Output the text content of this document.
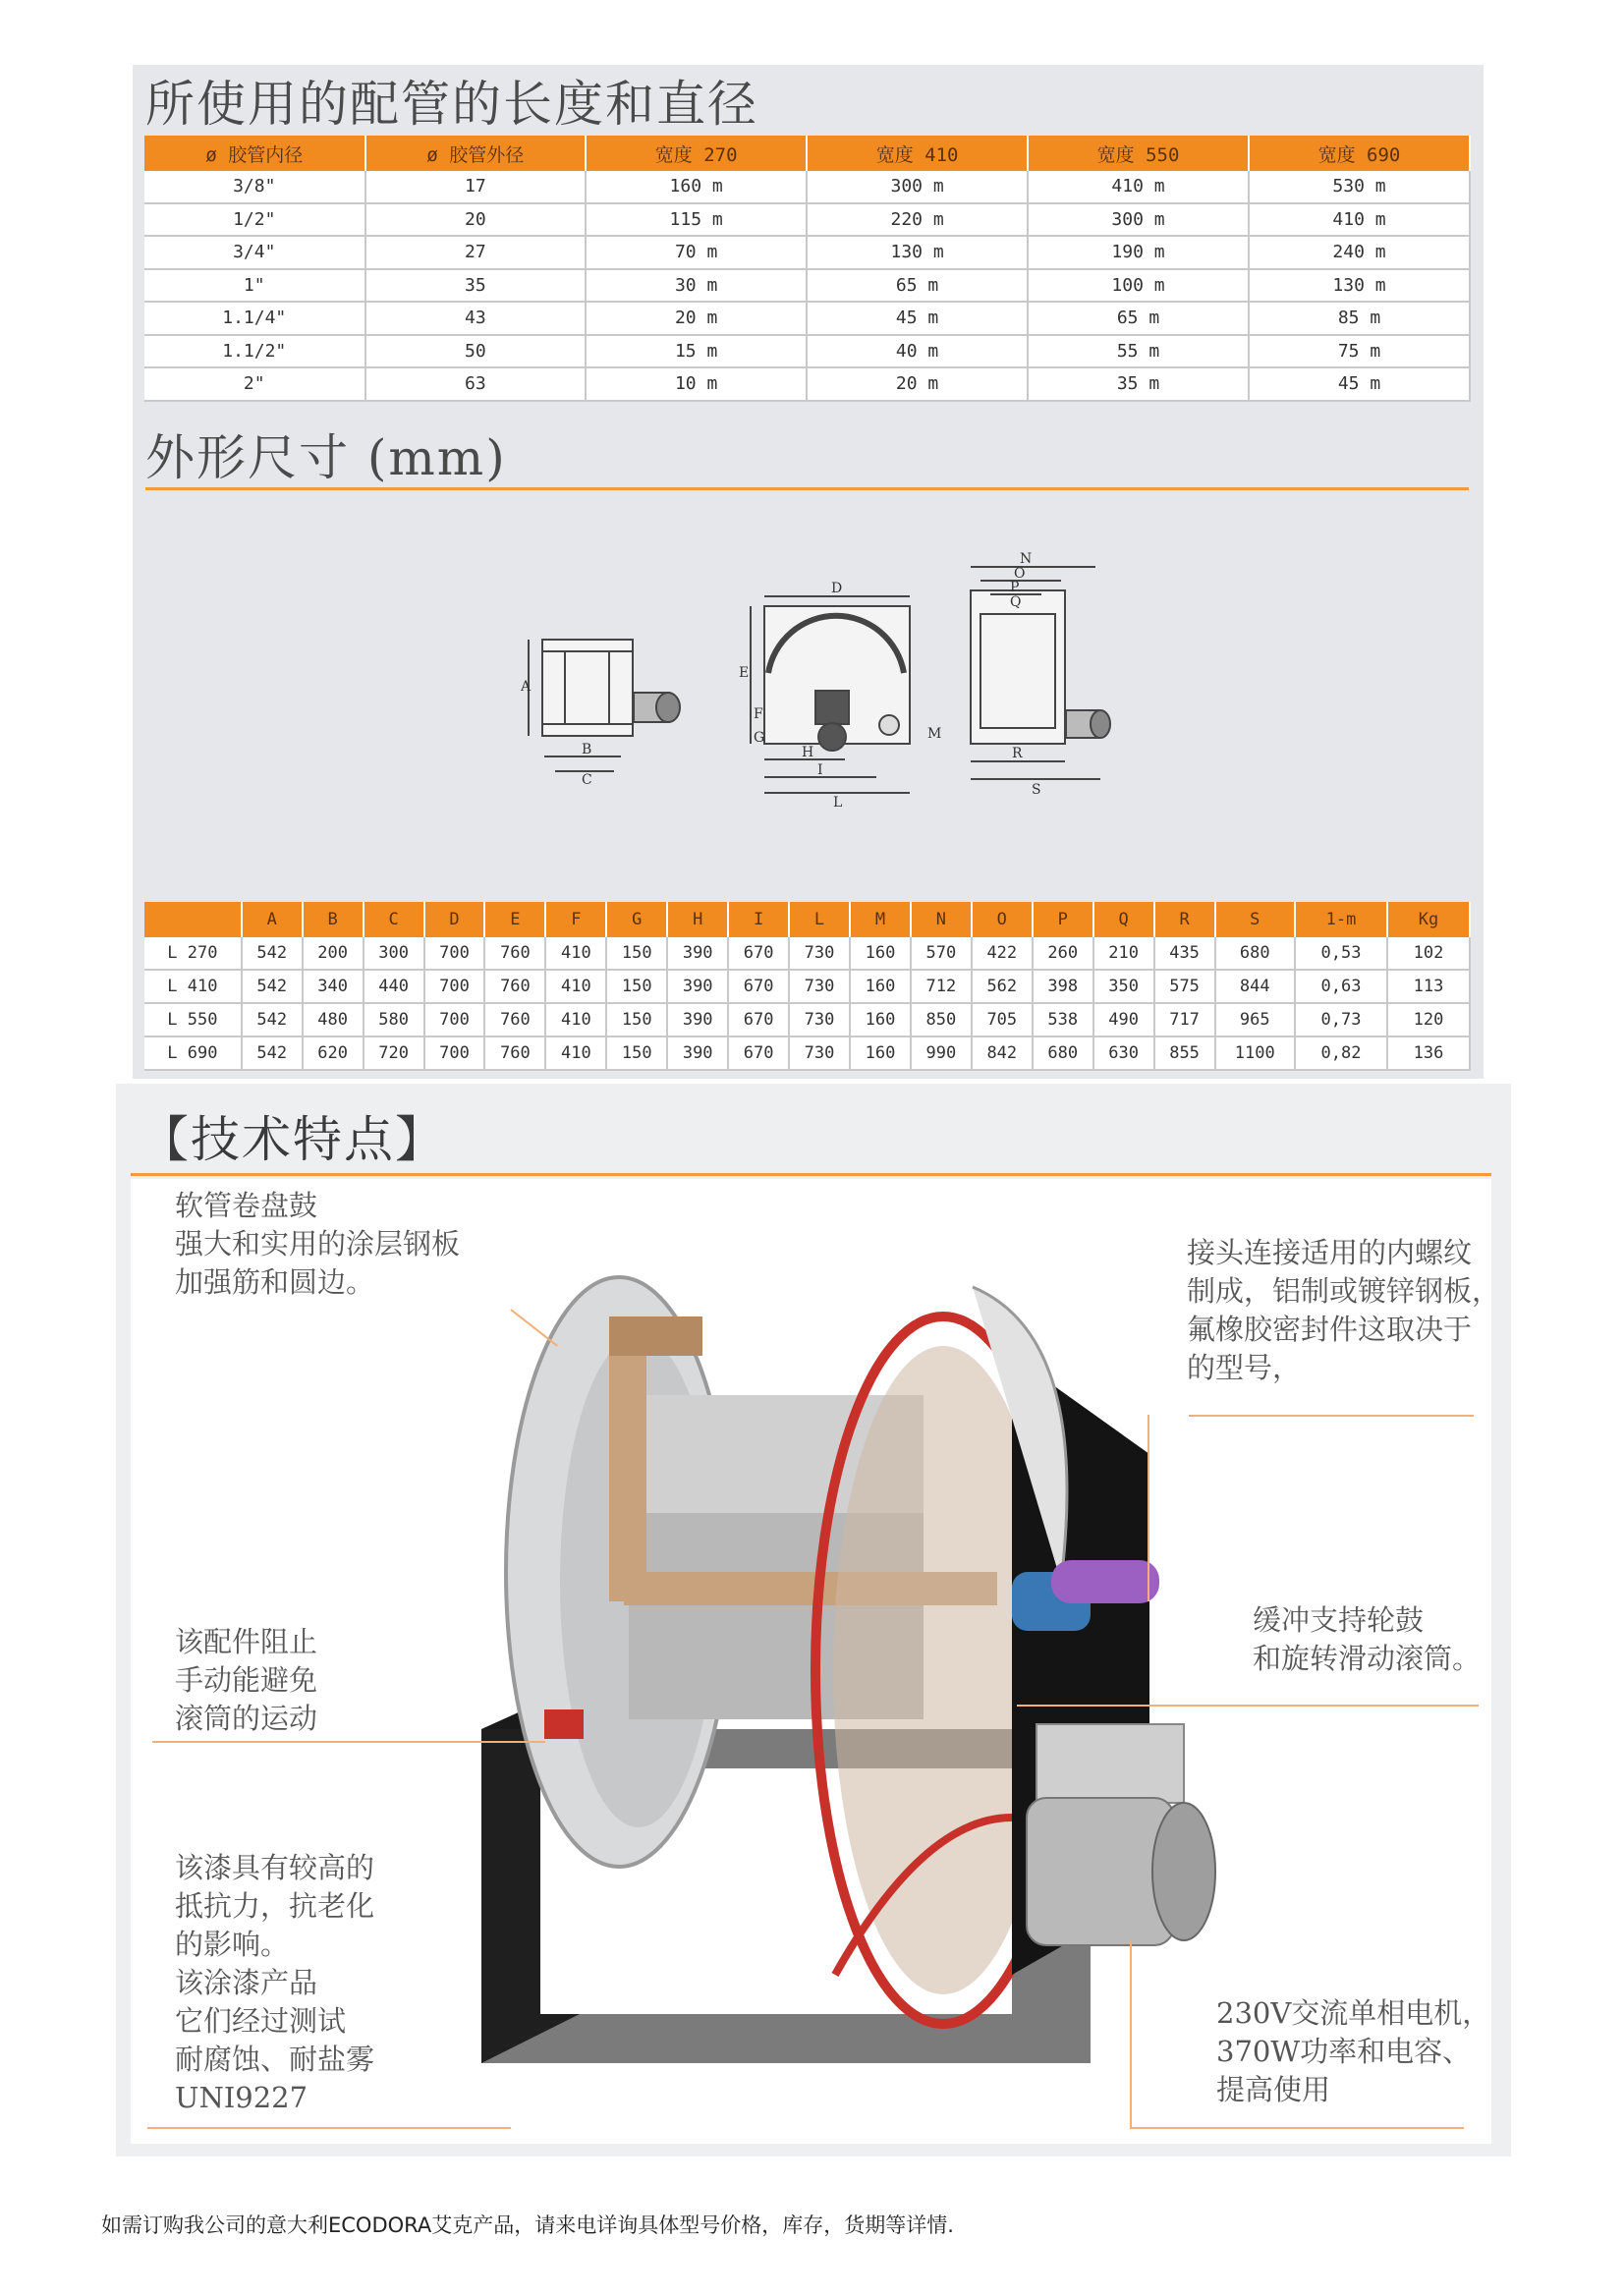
所使用的配管的长度和直径
ø 胶管内径	ø 胶管外径	宽度 270	宽度 410	宽度 550	宽度 690
3/8"	17	160 m	300 m	410 m	530 m
1/2"	20	115 m	220 m	300 m	410 m
3/4"	27	70 m	130 m	190 m	240 m
1"	35	30 m	65 m	100 m	130 m
1.1/4"	43	20 m	45 m	65 m	85 m
1.1/2"	50	15 m	40 m	55 m	75 m
2"	63	10 m	20 m	35 m	45 m
外形尺寸 (mm)
A
B
C
D
E
F
G
H
I
L
M
N
O
P
Q
R
S
	A	B	C	D	E	F	G	H	I	L	M	N	O	P	Q	R	S	1-m	Kg
L 270	542	200	300	700	760	410	150	390	670	730	160	570	422	260	210	435	680	0,53	102
L 410	542	340	440	700	760	410	150	390	670	730	160	712	562	398	350	575	844	0,63	113
L 550	542	480	580	700	760	410	150	390	670	730	160	850	705	538	490	717	965	0,73	120
L 690	542	620	720	700	760	410	150	390	670	730	160	990	842	680	630	855	1100	0,82	136
【技术特点】
软管卷盘鼓
强大和实用的涂层钢板
加强筋和圆边。
接头连接适用的内螺纹
制成，铝制或镀锌钢板，
氟橡胶密封件这取决于
的型号，
该配件阻止
手动能避免
滚筒的运动
缓冲支持轮鼓
和旋转滑动滚筒。
该漆具有较高的
抵抗力，抗老化
的影响。
该涂漆产品
它们经过测试
耐腐蚀、耐盐雾
UNI9227
230V交流单相电机，
370W功率和电容、
提高使用
如需订购我公司的意大利ECODORA艾克产品，请来电详询具体型号价格，库存，货期等详情.
